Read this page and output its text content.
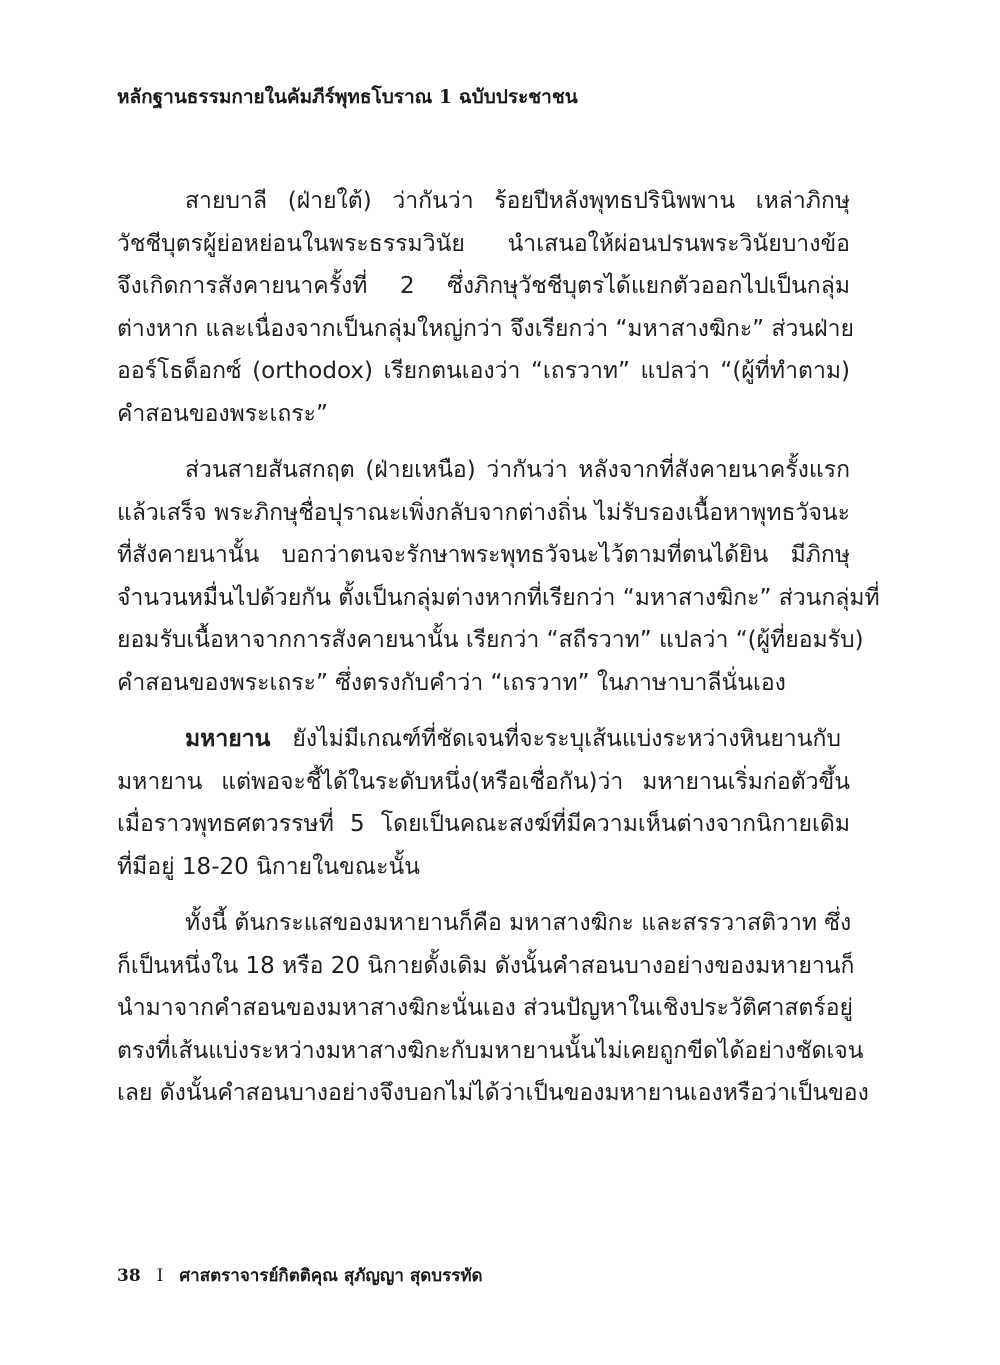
หลักฐานธรรมกายในคัมภีร์พุทธโบราณ 1 ฉบับประชาชน
สายบาลี (ฝ่ายใต้) ว่ากันว่า ร้อยปีหลังพุทธปรินิพพาน เหล่าภิกษุ
วัชชีบุตรผู้ย่อหย่อนในพระธรรมวินัย นำเสนอให้ผ่อนปรนพระวินัยบางข้อ
จึงเกิดการสังคายนาครั้งที่ 2 ซึ่งภิกษุวัชชีบุตรได้แยกตัวออกไปเป็นกลุ่ม
ต่างหาก และเนื่องจากเป็นกลุ่มใหญ่กว่า จึงเรียกว่า “มหาสางฆิกะ” ส่วนฝ่าย
ออร์โธด็อกซ์ (orthodox) เรียกตนเองว่า “เถรวาท” แปลว่า “(ผู้ที่ทำตาม)
คำสอนของพระเถระ”
ส่วนสายสันสกฤต (ฝ่ายเหนือ) ว่ากันว่า หลังจากที่สังคายนาครั้งแรก
แล้วเสร็จ พระภิกษุชื่อปุราณะเพิ่งกลับจากต่างถิ่น ไม่รับรองเนื้อหาพุทธวัจนะ
ที่สังคายนานั้น บอกว่าตนจะรักษาพระพุทธวัจนะไว้ตามที่ตนได้ยิน มีภิกษุ
จำนวนหมื่นไปด้วยกัน ตั้งเป็นกลุ่มต่างหากที่เรียกว่า “มหาสางฆิกะ” ส่วนกลุ่มที่
ยอมรับเนื้อหาจากการสังคายนานั้น เรียกว่า “สถีรวาท” แปลว่า “(ผู้ที่ยอมรับ)
คำสอนของพระเถระ” ซึ่งตรงกับคำว่า “เถรวาท” ในภาษาบาลีนั่นเอง
มหายาน ยังไม่มีเกณฑ์ที่ชัดเจนที่จะระบุเส้นแบ่งระหว่างหินยานกับ
มหายาน แต่พอจะชี้ได้ในระดับหนึ่ง(หรือเชื่อกัน)ว่า มหายานเริ่มก่อตัวขึ้น
เมื่อราวพุทธศตวรรษที่ 5 โดยเป็นคณะสงฆ์ที่มีความเห็นต่างจากนิกายเดิม
ที่มีอยู่ 18-20 นิกายในขณะนั้น
ทั้งนี้ ต้นกระแสของมหายานก็คือ มหาสางฆิกะ และสรรวาสติวาท ซึ่ง
ก็เป็นหนึ่งใน 18 หรือ 20 นิกายดั้งเดิม ดังนั้นคำสอนบางอย่างของมหายานก็
นำมาจากคำสอนของมหาสางฆิกะนั่นเอง ส่วนปัญหาในเชิงประวัติศาสตร์อยู่
ตรงที่เส้นแบ่งระหว่างมหาสางฆิกะกับมหายานนั้นไม่เคยถูกขีดได้อย่างชัดเจน
เลย ดังนั้นคำสอนบางอย่างจึงบอกไม่ได้ว่าเป็นของมหายานเองหรือว่าเป็นของ
38 I ศาสตราจารย์กิตติคุณ สุภัญญา สุดบรรทัด
